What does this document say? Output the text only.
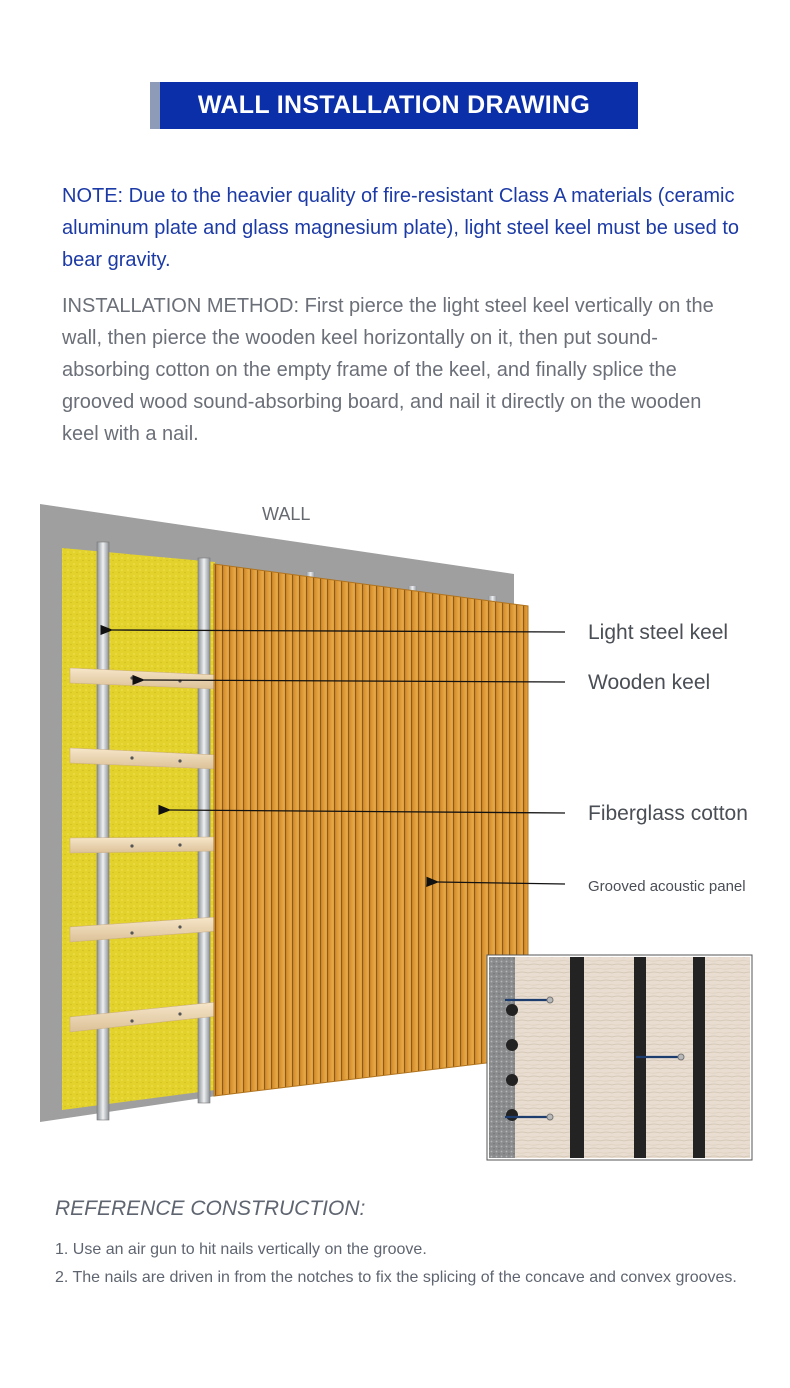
WALL INSTALLATION DRAWING

NOTE: Due to the heavier quality of fire-resistant Class A materials (ceramic aluminum plate and glass magnesium plate), light steel keel must be used to bear gravity.

INSTALLATION METHOD: First pierce the light steel keel vertically on the wall, then pierce the wooden keel horizontally on it, then put sound-absorbing cotton on the empty frame of the keel, and finally splice the grooved wood sound-absorbing board, and nail it directly on the wooden keel with a nail.

WALL
Light steel keel
Wooden keel
Fiberglass cotton
Grooved acoustic panel
REFERENCE CONSTRUCTION:

1. Use an air gun to hit nails vertically on the groove.

2. The nails are driven in from the notches to fix the splicing of the concave and convex grooves.
